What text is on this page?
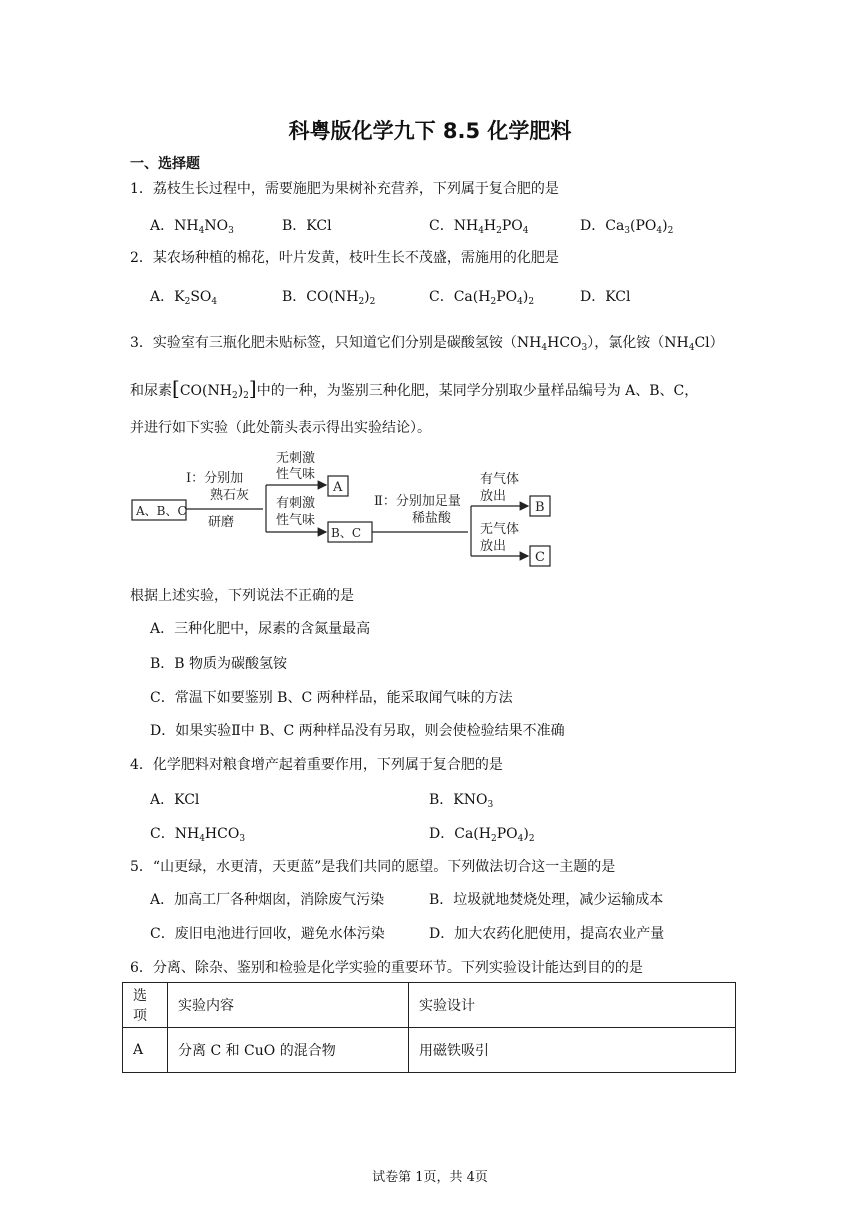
科粤版化学九下 8.5 化学肥料
一、选择题
1．荔枝生长过程中，需要施肥为果树补充营养，下列属于复合肥的是
A．$NH_4NO_3$	B．KCl	C．$NH_4H_2PO_4$	D．$Ca_3(PO_4)_2$
2．某农场种植的棉花，叶片发黄，枝叶生长不茂盛，需施用的化肥是
A．$K_2SO_4$	B．$CO(NH_2)_2$	C．$Ca(H_2PO_4)_2$	D．KCl
3．实验室有三瓶化肥未贴标签，只知道它们分别是碳酸氢铵$(NH_4HCO_3)$，氯化铵$(NH_4Cl)$
和尿素$[CO(NH_2)_2]$中的一种，为鉴别三种化肥，某同学分别取少量样品编号为 A、B、C，
并进行如下实验（此处箭头表示得出实验结论）。
A、B、C
Ⅰ：分别加
熟石灰
研磨
无刺激
性气味
A
有刺激
性气味
B、C
Ⅱ：分别加足量
稀盐酸
有气体
放出
B
无气体
放出
C
根据上述实验，下列说法不正确的是
A．三种化肥中，尿素的含氮量最高
B．B 物质为碳酸氢铵
C．常温下如要鉴别 B、C 两种样品，能采取闻气味的方法
D．如果实验Ⅱ中 B、C 两种样品没有另取，则会使检验结果不准确
4．化学肥料对粮食增产起着重要作用，下列属于复合肥的是
A．KCl	B．$KNO_3$
C．$NH_4HCO_3$	D．$Ca(H_2PO_4)_2$
5．“山更绿，水更清，天更蓝”是我们共同的愿望。下列做法切合这一主题的是
A．加高工厂各种烟囱，消除废气污染	B．垃圾就地焚烧处理，减少运输成本
C．废旧电池进行回收，避免水体污染	D．加大农药化肥使用，提高农业产量
6．分离、除杂、鉴别和检验是化学实验的重要环节。下列实验设计能达到目的的是
选项	实验内容	实验设计
A	分离 C 和 CuO 的混合物	用磁铁吸引
试卷第 1页，共 4页
